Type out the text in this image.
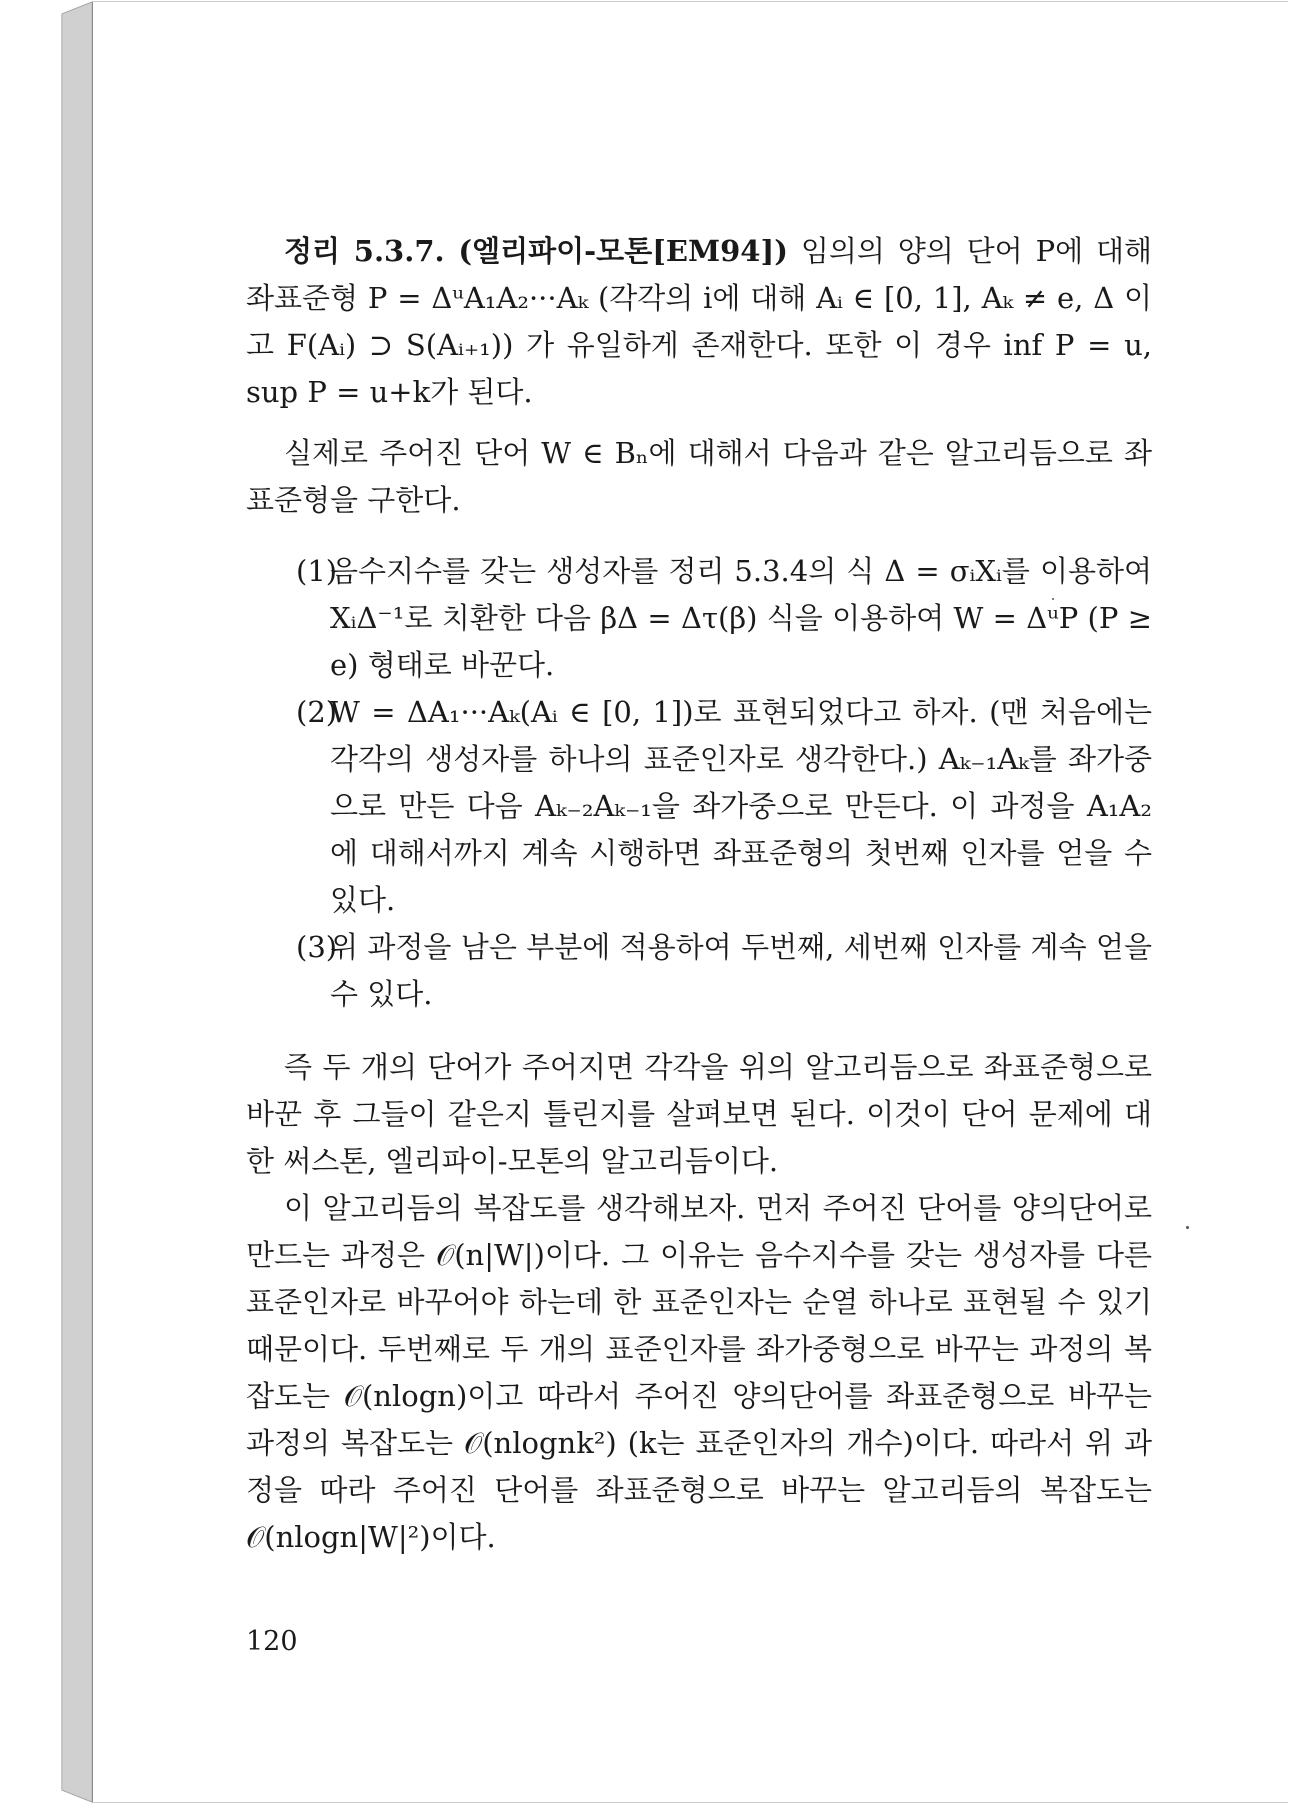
정리 5.3.7. (엘리파이-모톤[EM94]) 임의의 양의 단어 P에 대해 좌표준형 P = ΔᵘA₁A₂···Aₖ (각각의 i에 대해 Aᵢ ∈ [0, 1], Aₖ ≠ e, Δ 이고 F(Aᵢ) ⊃ S(Aᵢ₊₁)) 가 유일하게 존재한다. 또한 이 경우 inf P = u, sup P = u+k가 된다.

실제로 주어진 단어 W ∈ Bₙ에 대해서 다음과 같은 알고리듬으로 좌표준형을 구한다.

(1)
음수지수를 갖는 생성자를 정리 5.3.4의 식 Δ = σᵢXᵢ를 이용하여 XᵢΔ⁻¹로 치환한 다음 βΔ = Δτ(β) 식을 이용하여 W = ΔᵘP (P ≥ e) 형태로 바꾼다.
(2)
W = ΔA₁···Aₖ(Aᵢ ∈ [0, 1])로 표현되었다고 하자. (맨 처음에는 각각의 생성자를 하나의 표준인자로 생각한다.) Aₖ₋₁Aₖ를 좌가중으로 만든 다음 Aₖ₋₂Aₖ₋₁을 좌가중으로 만든다. 이 과정을 A₁A₂에 대해서까지 계속 시행하면 좌표준형의 첫번째 인자를 얻을 수 있다.
(3)
위 과정을 남은 부분에 적용하여 두번째, 세번째 인자를 계속 얻을 수 있다.

즉 두 개의 단어가 주어지면 각각을 위의 알고리듬으로 좌표준형으로 바꾼 후 그들이 같은지 틀린지를 살펴보면 된다. 이것이 단어 문제에 대한 써스톤, 엘리파이-모톤의 알고리듬이다.

이 알고리듬의 복잡도를 생각해보자. 먼저 주어진 단어를 양의단어로 만드는 과정은 𝒪(n|W|)이다. 그 이유는 음수지수를 갖는 생성자를 다른 표준인자로 바꾸어야 하는데 한 표준인자는 순열 하나로 표현될 수 있기 때문이다. 두번째로 두 개의 표준인자를 좌가중형으로 바꾸는 과정의 복잡도는 𝒪(nlogn)이고 따라서 주어진 양의단어를 좌표준형으로 바꾸는 과정의 복잡도는 𝒪(nlognk²) (k는 표준인자의 개수)이다. 따라서 위 과정을 따라 주어진 단어를 좌표준형으로 바꾸는 알고리듬의 복잡도는 𝒪(nlogn|W|²)이다.

120
